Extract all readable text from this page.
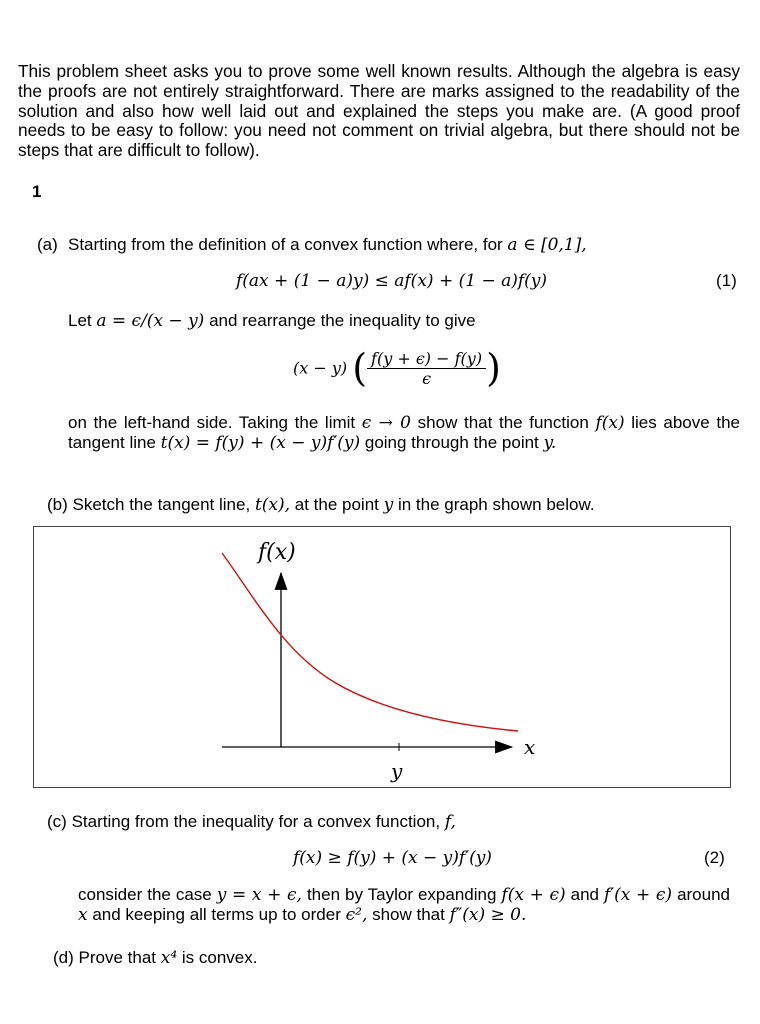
This problem sheet asks you to prove some well known results. Although the algebra is easy the proofs are not entirely straightforward. There are marks assigned to the readability of the solution and also how well laid out and explained the steps you make are. (A good proof needs to be easy to follow: you need not comment on trivial algebra, but there should not be steps that are difficult to follow).
1
(a) Starting from the definition of a convex function where, for a ∈ [0,1],
f(ax + (1 − a)y) ≤ af(x) + (1 − a)f(y)	(1)
Let a = ϵ/(x − y) and rearrange the inequality to give
(x − y) ( $\frac{f(y + \epsilon) - f(y)}{\epsilon}$ )
on the left-hand side. Taking the limit ϵ → 0 show that the function f(x) lies above the tangent line t(x) = f(y) + (x − y)f′(y) going through the point y.
(b) Sketch the tangent line, t(x), at the point y in the graph shown below.
f(x)
x
y
(c) Starting from the inequality for a convex function, f,
f(x) ≥ f(y) + (x − y)f′(y)	(2)
consider the case y = x + ϵ, then by Taylor expanding f(x + ϵ) and f′(x + ϵ) around x and keeping all terms up to order ϵ², show that f″(x) ≥ 0.
(d) Prove that x⁴ is convex.
